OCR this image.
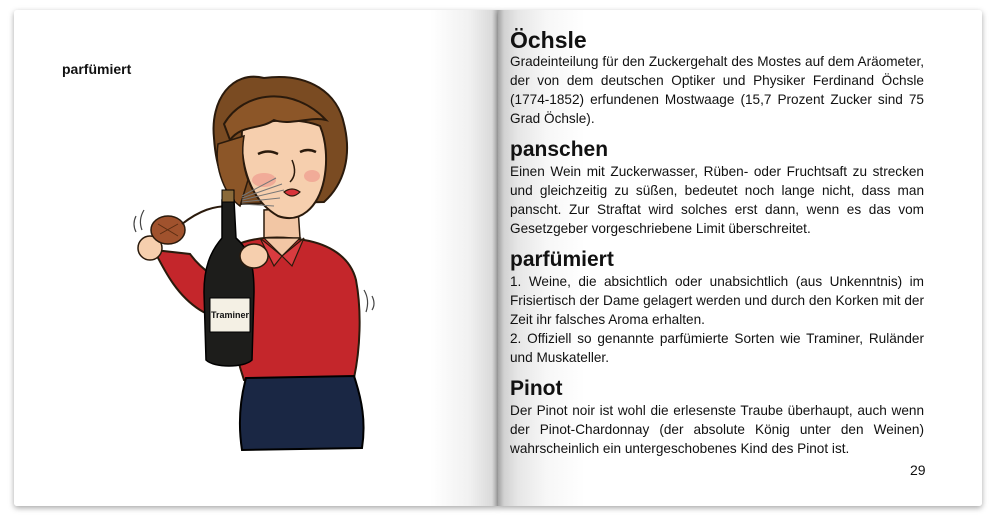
parfümiert
Traminer
Öchsle

Gradeinteilung für den Zuckergehalt des Mostes auf dem Aräometer, der von dem deutschen Optiker und Physiker Ferdinand Öchsle (1774-1852) erfundenen Mostwaage (15,7 Prozent Zucker sind 75 Grad Öchsle).

panschen

Einen Wein mit Zuckerwasser, Rüben- oder Fruchtsaft zu strecken und gleichzeitig zu süßen, bedeutet noch lange nicht, dass man panscht. Zur Straftat wird solches erst dann, wenn es das vom Gesetzgeber vorgeschriebene Limit überschreitet.

parfümiert

1. Weine, die absichtlich oder unabsichtlich (aus Unkenntnis) im Frisiertisch der Dame gelagert werden und durch den Korken mit der Zeit ihr falsches Aroma erhalten.

2. Offiziell so genannte parfümierte Sorten wie Traminer, Ruländer und Muskateller.

Pinot

Der Pinot noir ist wohl die erlesenste Traube überhaupt, auch wenn der Pinot-Chardonnay (der absolute König unter den Weinen) wahrscheinlich ein untergeschobenes Kind des Pinot ist.

29
